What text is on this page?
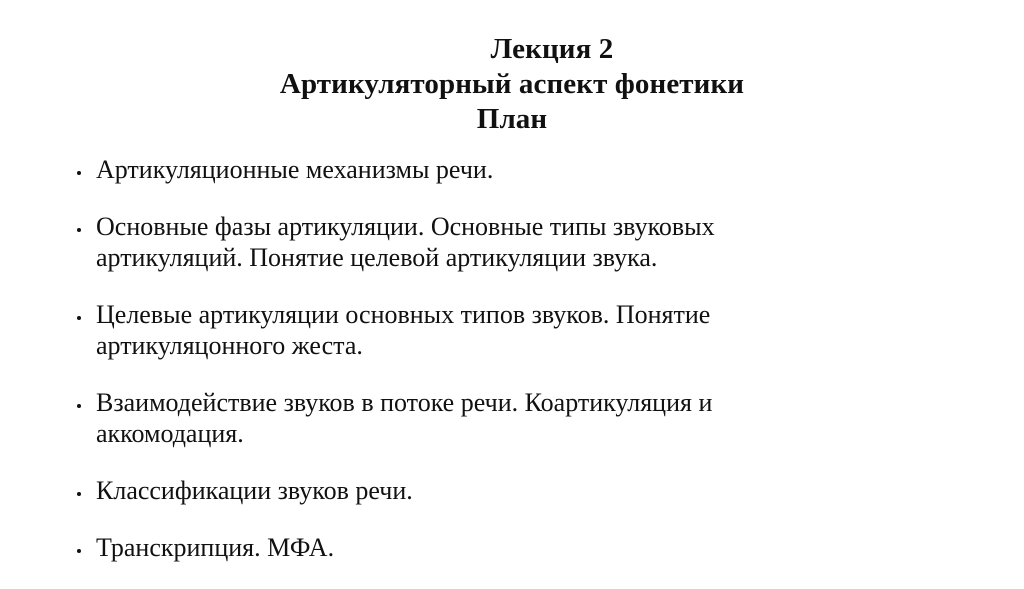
Лекция 2
Артикуляторный аспект фонетики
План
Артикуляционные механизмы речи.
Основные фазы артикуляции. Основные типы звуковых артикуляций. Понятие целевой артикуляции звука.
Целевые артикуляции основных типов звуков. Понятие артикуляцонного жеста.
Взаимодействие звуков в потоке речи. Коартикуляция и аккомодация.
Классификации звуков речи.
Транскрипция. МФА.
